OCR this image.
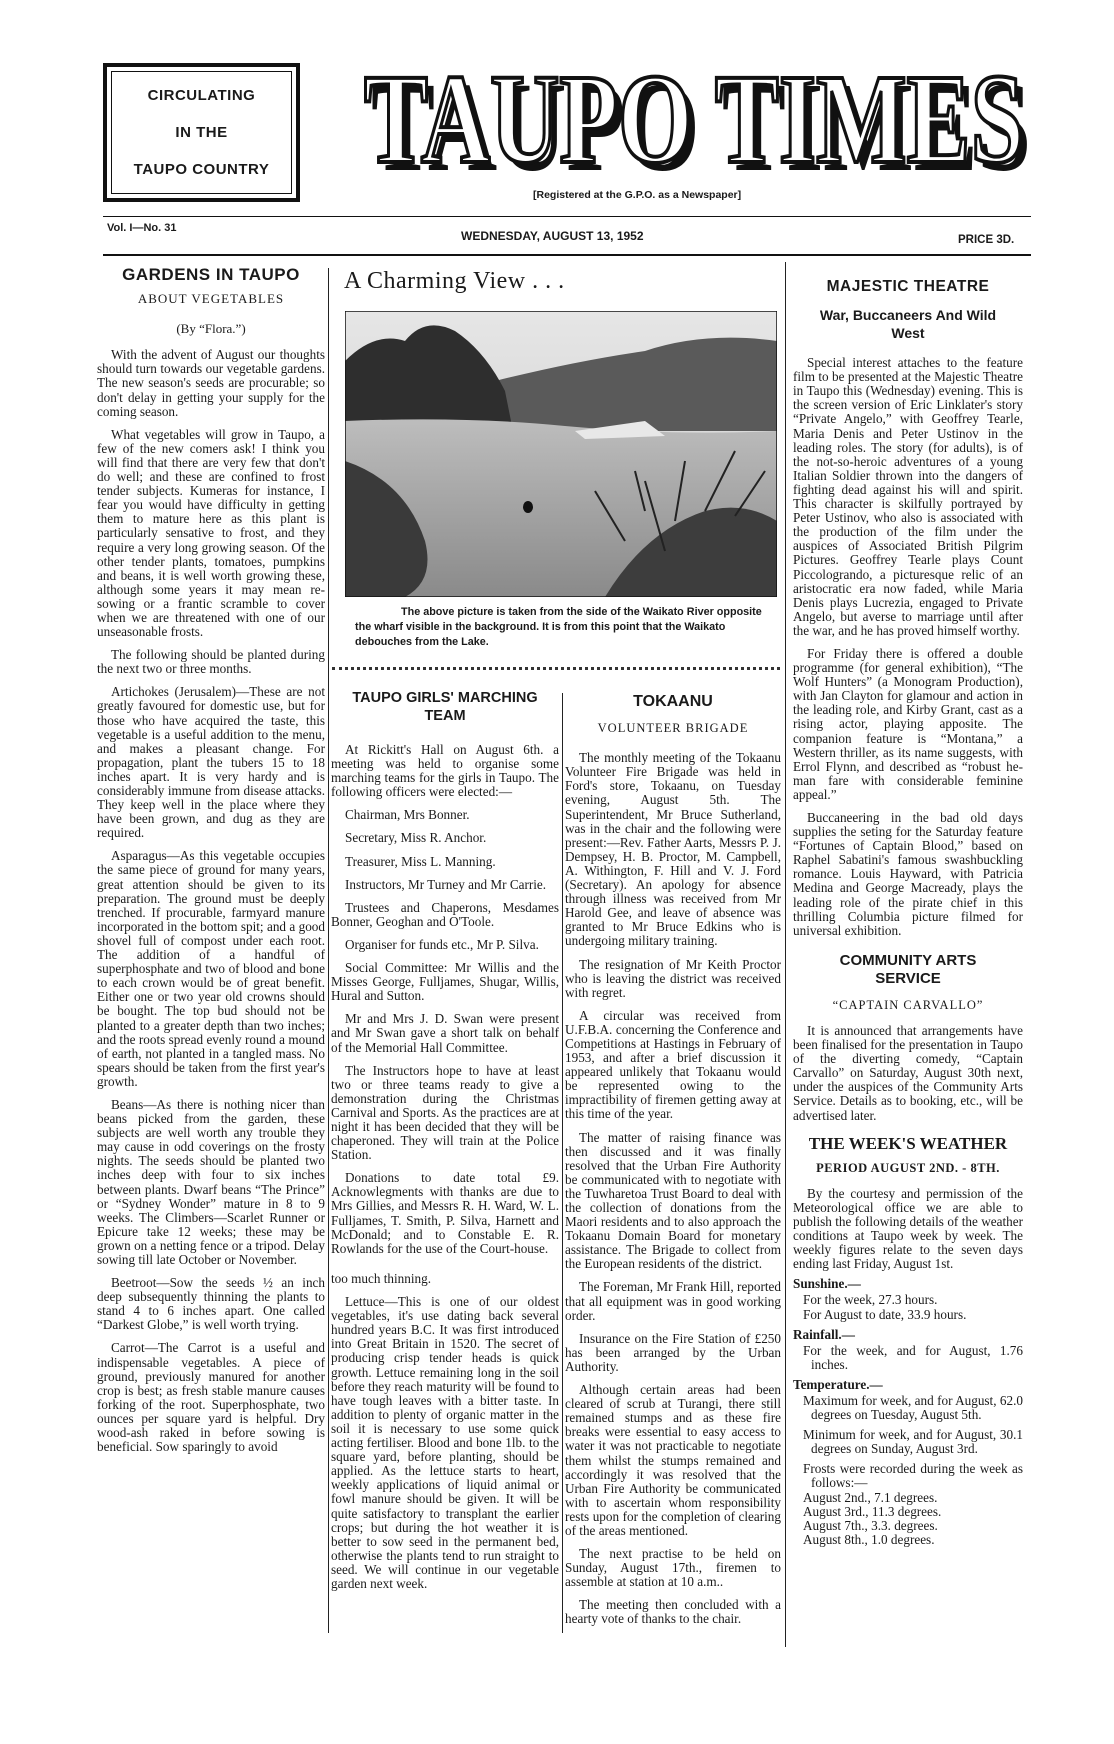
CIRCULATING
IN THE
TAUPO COUNTRY TAUPO TIMES
TAUPO TIMES
[Registered at the G.P.O. as a Newspaper]
Vol. I—No. 31
WEDNESDAY, AUGUST 13, 1952	PRICE 3D.
GARDENS IN TAUPO
ABOUT VEGETABLES
(By “Flora.”)

With the advent of August our thoughts should turn towards our vegetable gardens. The new season's seeds are procurable; so don't delay in getting your supply for the coming season.

What vegetables will grow in Taupo, a few of the new comers ask! I think you will find that there are very few that don't do well; and these are confined to frost tender subjects. Kumeras for instance, I fear you would have difficulty in getting them to mature here as this plant is particularly sensative to frost, and they require a very long growing season. Of the other tender plants, tomatoes, pumpkins and beans, it is well worth growing these, although some years it may mean re-sowing or a frantic scramble to cover when we are threatened with one of our unseasonable frosts.

The following should be planted during the next two or three months.

Artichokes (Jerusalem)—These are not greatly favoured for domestic use, but for those who have acquired the taste, this vegetable is a useful addition to the menu, and makes a pleasant change. For propagation, plant the tubers 15 to 18 inches apart. It is very hardy and is considerably immune from disease attacks. They keep well in the place where they have been grown, and dug as they are required.

Asparagus—As this vegetable occupies the same piece of ground for many years, great attention should be given to its preparation. The ground must be deeply trenched. If procurable, farmyard manure incorporated in the bottom spit; and a good shovel full of compost under each root. The addition of a handful of superphosphate and two of blood and bone to each crown would be of great benefit. Either one or two year old crowns should be bought. The top bud should not be planted to a greater depth than two inches; and the roots spread evenly round a mound of earth, not planted in a tangled mass. No spears should be taken from the first year's growth.

Beans—As there is nothing nicer than beans picked from the garden, these subjects are well worth any trouble they may cause in odd coverings on the frosty nights. The seeds should be planted two inches deep with four to six inches between plants. Dwarf beans “The Prince” or “Sydney Wonder” mature in 8 to 9 weeks. The Climbers—Scarlet Runner or Epicure take 12 weeks; these may be grown on a netting fence or a tripod. Delay sowing till late October or November.

Beetroot—Sow the seeds ½ an inch deep subsequently thinning the plants to stand 4 to 6 inches apart. One called “Darkest Globe,” is well worth trying.

Carrot—The Carrot is a useful and indispensable vegetables. A piece of ground, previously manured for another crop is best; as fresh stable manure causes forking of the root. Superphosphate, two ounces per square yard is helpful. Dry wood-ash raked in before sowing is beneficial. Sow sparingly to avoid

A Charming View . . .
The above picture is taken from the side of the Waikato River opposite the wharf visible in the background. It is from this point that the Waikato debouches from the Lake.
TAUPO GIRLS' MARCHING TEAM

At Rickitt's Hall on August 6th. a meeting was held to organise some marching teams for the girls in Taupo. The following officers were elected:—

Chairman, Mrs Bonner.

Secretary, Miss R. Anchor.

Treasurer, Miss L. Manning.

Instructors, Mr Turney and Mr Carrie.

Trustees and Chaperons, Mesdames Bonner, Geoghan and O'Toole.

Organiser for funds etc., Mr P. Silva.

Social Committee: Mr Willis and the Misses George, Fulljames, Shugar, Willis, Hural and Sutton.

Mr and Mrs J. D. Swan were present and Mr Swan gave a short talk on behalf of the Memorial Hall Committee.

The Instructors hope to have at least two or three teams ready to give a demonstration during the Christmas Carnival and Sports. As the practices are at night it has been decided that they will be chaperoned. They will train at the Police Station.

Donations to date total £9. Acknowlegments with thanks are due to Mrs Gillies, and Messrs R. H. Ward, W. L. Fulljames, T. Smith, P. Silva, Harnett and McDonald; and to Constable E. R. Rowlands for the use of the Court-house.

too much thinning.

Lettuce—This is one of our oldest vegetables, it's use dating back several hundred years B.C. It was first introduced into Great Britain in 1520. The secret of producing crisp tender heads is quick growth. Lettuce remaining long in the soil before they reach maturity will be found to have tough leaves with a bitter taste. In addition to plenty of organic matter in the soil it is necessary to use some quick acting fertiliser. Blood and bone 1lb. to the square yard, before planting, should be applied. As the lettuce starts to heart, weekly applications of liquid animal or fowl manure should be given. It will be quite satisfactory to transplant the earlier crops; but during the hot weather it is better to sow seed in the permanent bed, otherwise the plants tend to run straight to seed. We will continue in our vegetable garden next week.

TOKAANU
VOLUNTEER BRIGADE

The monthly meeting of the Tokaanu Volunteer Fire Brigade was held in Ford's store, Tokaanu, on Tuesday evening, August 5th. The Superintendent, Mr Bruce Sutherland, was in the chair and the following were present:—Rev. Father Aarts, Messrs P. J. Dempsey, H. B. Proctor, M. Campbell, A. Withington, F. Hill and V. J. Ford (Secretary). An apology for absence through illness was received from Mr Harold Gee, and leave of absence was granted to Mr Bruce Edkins who is undergoing military training.

The resignation of Mr Keith Proctor who is leaving the district was received with regret.

A circular was received from U.F.B.A. concerning the Conference and Competitions at Hastings in February of 1953, and after a brief discussion it appeared unlikely that Tokaanu would be represented owing to the impractibility of firemen getting away at this time of the year.

The matter of raising finance was then discussed and it was finally resolved that the Urban Fire Authority be communicated with to negotiate with the Tuwharetoa Trust Board to deal with the collection of donations from the Maori residents and to also approach the Tokaanu Domain Board for monetary assistance. The Brigade to collect from the European residents of the district.

The Foreman, Mr Frank Hill, reported that all equipment was in good working order.

Insurance on the Fire Station of £250 has been arranged by the Urban Authority.

Although certain areas had been cleared of scrub at Turangi, there still remained stumps and as these fire breaks were essential to easy access to water it was not practicable to negotiate them whilst the stumps remained and accordingly it was resolved that the Urban Fire Authority be communicated with to ascertain whom responsibility rests upon for the completion of clearing of the areas mentioned.

The next practise to be held on Sunday, August 17th., firemen to assemble at station at 10 a.m..

The meeting then concluded with a hearty vote of thanks to the chair.

MAJESTIC THEATRE
War, Buccaneers And Wild West

Special interest attaches to the feature film to be presented at the Majestic Theatre in Taupo this (Wednesday) evening. This is the screen version of Eric Linklater's story “Private Angelo,” with Geoffrey Tearle, Maria Denis and Peter Ustinov in the leading roles. The story (for adults), is of the not-so-heroic adventures of a young Italian Soldier thrown into the dangers of fighting dead against his will and spirit. This character is skilfully portrayed by Peter Ustinov, who also is associated with the production of the film under the auspices of Associated British Pilgrim Pictures. Geoffrey Tearle plays Count Piccologrando, a picturesque relic of an aristocratic era now faded, while Maria Denis plays Lucrezia, engaged to Private Angelo, but averse to marriage until after the war, and he has proved himself worthy.

For Friday there is offered a double programme (for general exhibition), “The Wolf Hunters” (a Monogram Production), with Jan Clayton for glamour and action in the leading role, and Kirby Grant, cast as a rising actor, playing apposite. The companion feature is “Montana,” a Western thriller, as its name suggests, with Errol Flynn, and described as “robust he-man fare with considerable feminine appeal.”

Buccaneering in the bad old days supplies the seting for the Saturday feature “Fortunes of Captain Blood,” based on Raphel Sabatini's famous swashbuckling romance. Louis Hayward, with Patricia Medina and George Macready, plays the leading role of the pirate chief in this thrilling Columbia picture filmed for universal exhibition.

COMMUNITY ARTS SERVICE
“CAPTAIN CARVALLO”

It is announced that arrangements have been finalised for the presentation in Taupo of the diverting comedy, “Captain Carvallo” on Saturday, August 30th next, under the auspices of the Community Arts Service. Details as to booking, etc., will be advertised later.

THE WEEK'S WEATHER
PERIOD AUGUST 2ND. - 8TH.

By the courtesy and permission of the Meteorological office we are able to publish the following details of the weather conditions at Taupo week by week. The weekly figures relate to the seven days ending last Friday, August 1st.

Sunshine.—

For the week, 27.3 hours.

For August to date, 33.9 hours.

Rainfall.—

For the week, and for August, 1.76 inches.

Temperature.—

Maximum for week, and for August, 62.0 degrees on Tuesday, August 5th.

Minimum for week, and for August, 30.1 degrees on Sunday, August 3rd.

Frosts were recorded during the week as follows:—

August 2nd., 7.1 degrees.

August 3rd., 11.3 degrees.

August 7th., 3.3. degrees.

August 8th., 1.0 degrees.
